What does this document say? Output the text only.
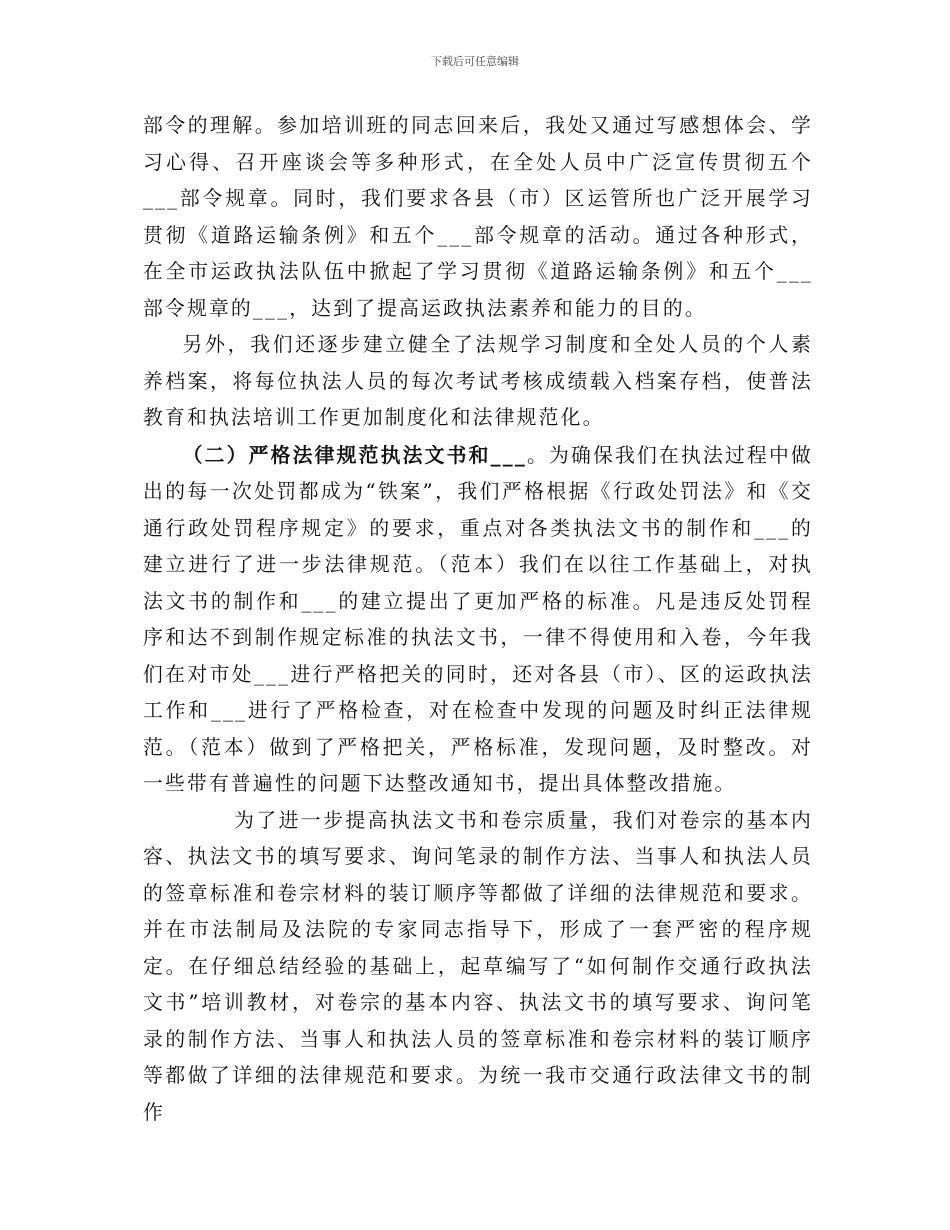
下载后可任意编辑

部令的理解。参加培训班的同志回来后，我处又通过写感想体会、学习心得、召开座谈会等多种形式，在全处人员中广泛宣传贯彻五个___部令规章。同时，我们要求各县（市）区运管所也广泛开展学习贯彻《道路运输条例》和五个___部令规章的活动。通过各种形式，在全市运政执法队伍中掀起了学习贯彻《道路运输条例》和五个___部令规章的___，达到了提高运政执法素养和能力的目的。

另外，我们还逐步建立健全了法规学习制度和全处人员的个人素养档案，将每位执法人员的每次考试考核成绩载入档案存档，使普法教育和执法培训工作更加制度化和法律规范化。

（二）严格法律规范执法文书和___。为确保我们在执法过程中做出的每一次处罚都成为“铁案”，我们严格根据《行政处罚法》和《交通行政处罚程序规定》的要求，重点对各类执法文书的制作和___的建立进行了进一步法律规范。（范本）我们在以往工作基础上，对执法文书的制作和___的建立提出了更加严格的标准。凡是违反处罚程序和达不到制作规定标准的执法文书，一律不得使用和入卷，今年我们在对市处___进行严格把关的同时，还对各县（市）、区的运政执法工作和___进行了严格检查，对在检查中发现的问题及时纠正法律规范。（范本）做到了严格把关，严格标准，发现问题，及时整改。对一些带有普遍性的问题下达整改通知书，提出具体整改措施。

为了进一步提高执法文书和卷宗质量，我们对卷宗的基本内容、执法文书的填写要求、询问笔录的制作方法、当事人和执法人员的签章标准和卷宗材料的装订顺序等都做了详细的法律规范和要求。并在市法制局及法院的专家同志指导下，形成了一套严密的程序规定。在仔细总结经验的基础上，起草编写了“如何制作交通行政执法文书”培训教材，对卷宗的基本内容、执法文书的填写要求、询问笔录的制作方法、当事人和执法人员的签章标准和卷宗材料的装订顺序等都做了详细的法律规范和要求。为统一我市交通行政法律文书的制作
